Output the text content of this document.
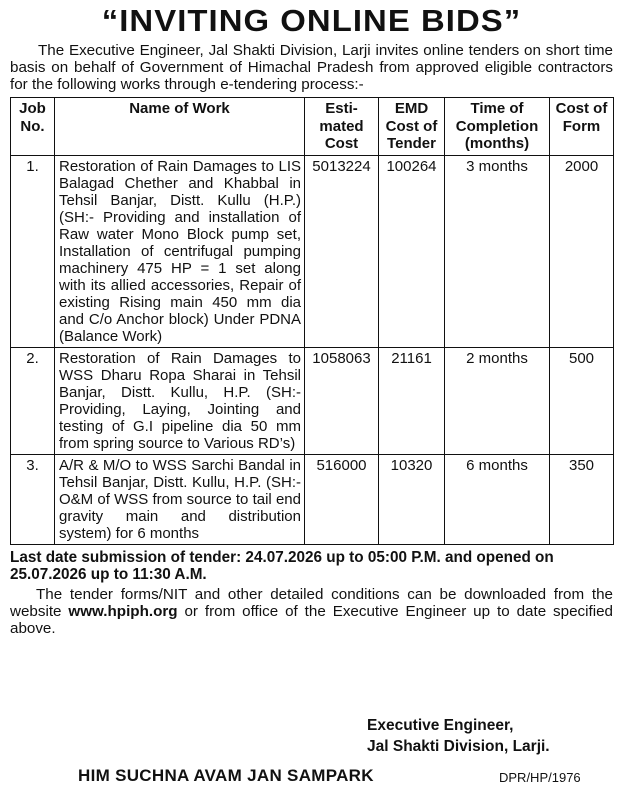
“INVITING ONLINE BIDS”

The Executive Engineer, Jal Shakti Division, Larji invites online tenders on short time basis on behalf of Government of Himachal Pradesh from approved eligible contractors for the following works through e-tendering process:-

Job No.	Name of Work	Esti-mated Cost	EMD Cost of Tender	Time of Completion (months)	Cost of Form
1.	Restoration of Rain Damages to LIS Balagad Chether and Khabbal in Tehsil Banjar, Distt. Kullu (H.P.) (SH:- Providing and installation of Raw water Mono Block pump set, Installation of centrifugal pumping machinery 475 HP = 1 set along with its allied accessories, Repair of existing Rising main 450 mm dia and C/o Anchor block) Under PDNA (Balance Work)	5013224	100264	3 months	2000
2.	Restoration of Rain Damages to WSS Dharu Ropa Sharai in Tehsil Banjar, Distt. Kullu, H.P. (SH:- Providing, Laying, Jointing and testing of G.I pipeline dia 50 mm from spring source to Various RD’s)	1058063	21161	2 months	500
3.	A/R & M/O to WSS Sarchi Bandal in Tehsil Banjar, Distt. Kullu, H.P. (SH:- O&M of WSS from source to tail end gravity main and distribution system) for 6 months	516000	10320	6 months	350

Last date submission of tender: 24.07.2026 up to 05:00 P.M. and opened on 25.07.2026 up to 11:30 A.M.

The tender forms/NIT and other detailed conditions can be downloaded from the website www.hpiph.org or from office of the Executive Engineer up to date specified above.

Executive Engineer,
Jal Shakti Division, Larji.
HIM SUCHNA AVAM JAN SAMPARK	DPR/HP/1976
